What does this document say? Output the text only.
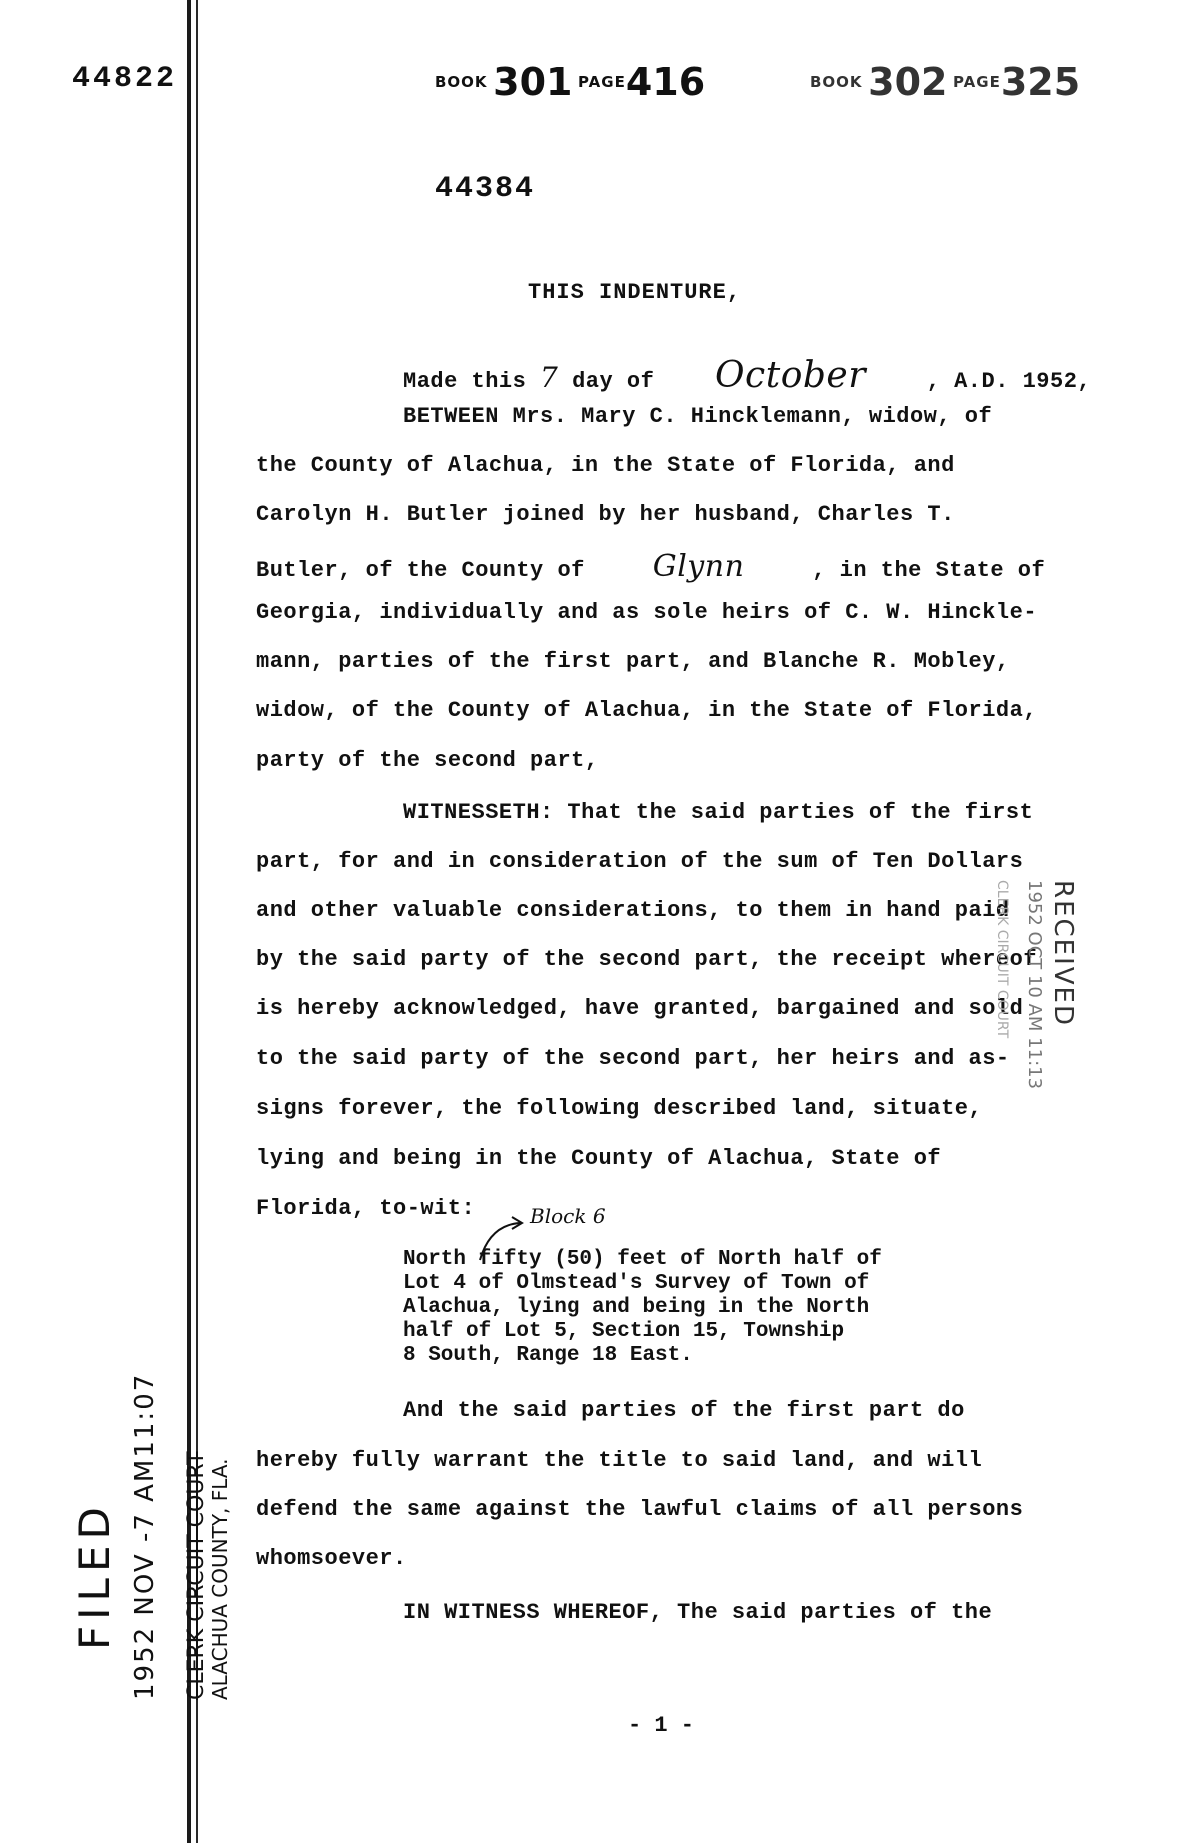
44822	BOOK 301 PAGE416	BOOK 302 PAGE325
44384
THIS INDENTURE,
Made this 7 day of October	, A.D. 1952,
BETWEEN Mrs. Mary C. Hincklemann, widow, of
the County of Alachua, in the State of Florida, and
Carolyn H. Butler joined by her husband, Charles T.
Butler, of the County of Glynn	, in the State of
Georgia, individually and as sole heirs of C. W. Hinckle-
mann, parties of the first part, and Blanche R. Mobley,
widow, of the County of Alachua, in the State of Florida,
party of the second part,
WITNESSETH: That the said parties of the first
part, for and in consideration of the sum of Ten Dollars
and other valuable considerations, to them in hand paid
by the said party of the second part, the receipt whereof
is hereby acknowledged, have granted, bargained and sold
to the said party of the second part, her heirs and as-
signs forever, the following described land, situate,
lying and being in the County of Alachua, State of
Florida, to-wit:	Block 6
North fifty (50) feet of North half of
Lot 4 of Olmstead's Survey of Town of
Alachua, lying and being in the North
half of Lot 5, Section 15, Township
8 South, Range 18 East.
And the said parties of the first part do
hereby fully warrant the title to said land, and will
defend the same against the lawful claims of all persons
whomsoever.
IN WITNESS WHEREOF, The said parties of the
- 1 -
FILED 1952 NOV -7 AM11:07 CLERK CIRCUIT COURT ALACHUA COUNTY, FLA.
RECEIVED
1952 OCT 10 AM 11:13
CLERK CIRCUIT COURT
